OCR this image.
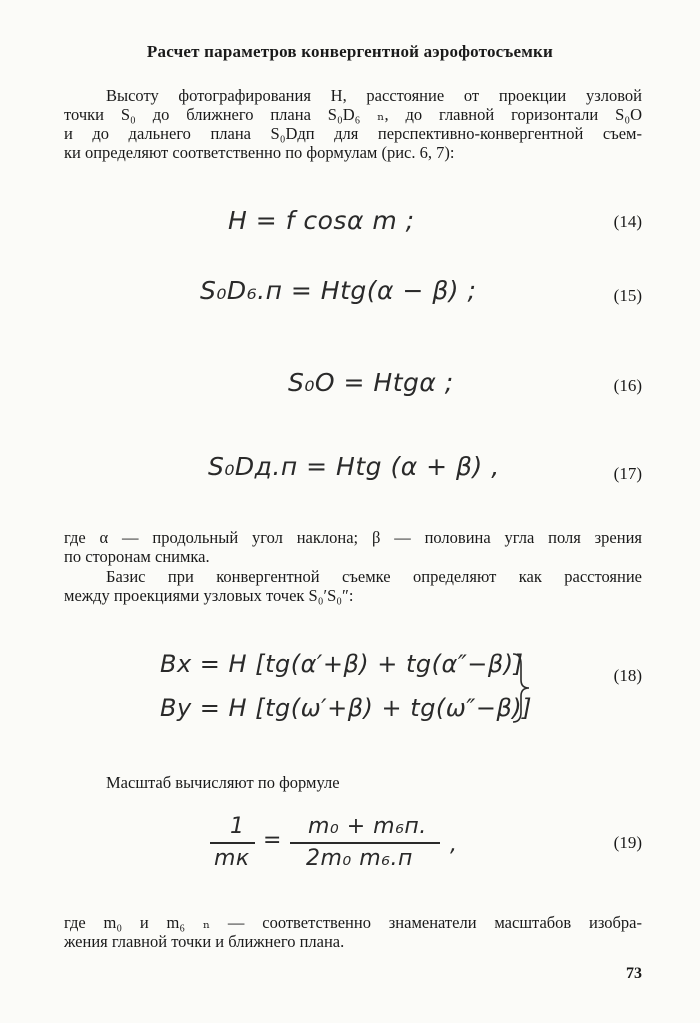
Расчет параметров конвергентной аэрофотосъемки
Высоту фотографирования H, расстояние от проекции узловой
точки S₀ до ближнего плана S₀D₆ ₙ, до главной горизонтали S₀O
и до дальнего плана S₀Dдп для перспективно-конвергентной съем-
ки определяют соответственно по формулам (рис. 6, 7):
H = f cosα m ;	(14)
S₀D₆.п = Htg(α − β) ;	(15)
S₀O = Htgα ;	(16)
S₀Dд.п = Htg (α + β) ,	(17)
где α — продольный угол наклона; β — половина угла поля зрения
по сторонам снимка.
Базис при конвергентной съемке определяют как расстояние
между проекциями узловых точек S₀′S₀″:
Bx = H [tg(α′+β) + tg(α″−β)]
By = H [tg(ω′+β) + tg(ω″−β)]
(18)
Масштаб вычисляют по формуле
1
mк
=
m₀ + m₆п.
2m₀ m₆.п
,	(19)
где m₀ и m₆ ₙ — соответственно знаменатели масштабов изобра-
жения главной точки и ближнего плана.
73
